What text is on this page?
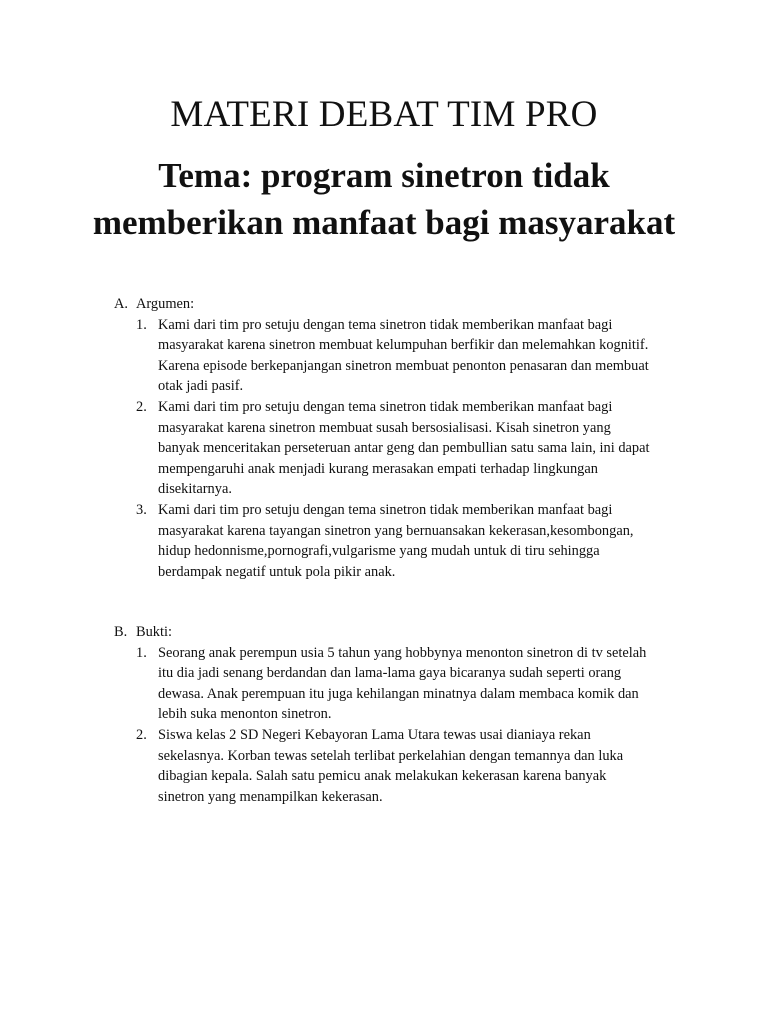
MATERI DEBAT TIM PRO
Tema: program sinetron tidak
memberikan manfaat bagi masyarakat
A. Argumen:
1. Kami dari tim pro setuju dengan tema sinetron tidak memberikan manfaat bagi
masyarakat karena sinetron membuat kelumpuhan berfikir dan melemahkan kognitif.
Karena episode berkepanjangan sinetron membuat penonton penasaran dan membuat
otak jadi pasif.
2. Kami dari tim pro setuju dengan tema sinetron tidak memberikan manfaat bagi
masyarakat karena sinetron membuat susah bersosialisasi. Kisah sinetron yang
banyak menceritakan perseteruan antar geng dan pembullian satu sama lain, ini dapat
mempengaruhi anak menjadi kurang merasakan empati terhadap lingkungan
disekitarnya.
3. Kami dari tim pro setuju dengan tema sinetron tidak memberikan manfaat bagi
masyarakat karena tayangan sinetron yang bernuansakan kekerasan,kesombongan,
hidup hedonnisme,pornografi,vulgarisme yang mudah untuk di tiru sehingga
berdampak negatif untuk pola pikir anak.
B. Bukti:
1. Seorang anak perempun usia 5 tahun yang hobbynya menonton sinetron di tv setelah
itu dia jadi senang berdandan dan lama-lama gaya bicaranya sudah seperti orang
dewasa. Anak perempuan itu juga kehilangan minatnya dalam membaca komik dan
lebih suka menonton sinetron.
2. Siswa kelas 2 SD Negeri Kebayoran Lama Utara tewas usai dianiaya rekan
sekelasnya. Korban tewas setelah terlibat perkelahian dengan temannya dan luka
dibagian kepala. Salah satu pemicu anak melakukan kekerasan karena banyak
sinetron yang menampilkan kekerasan.
